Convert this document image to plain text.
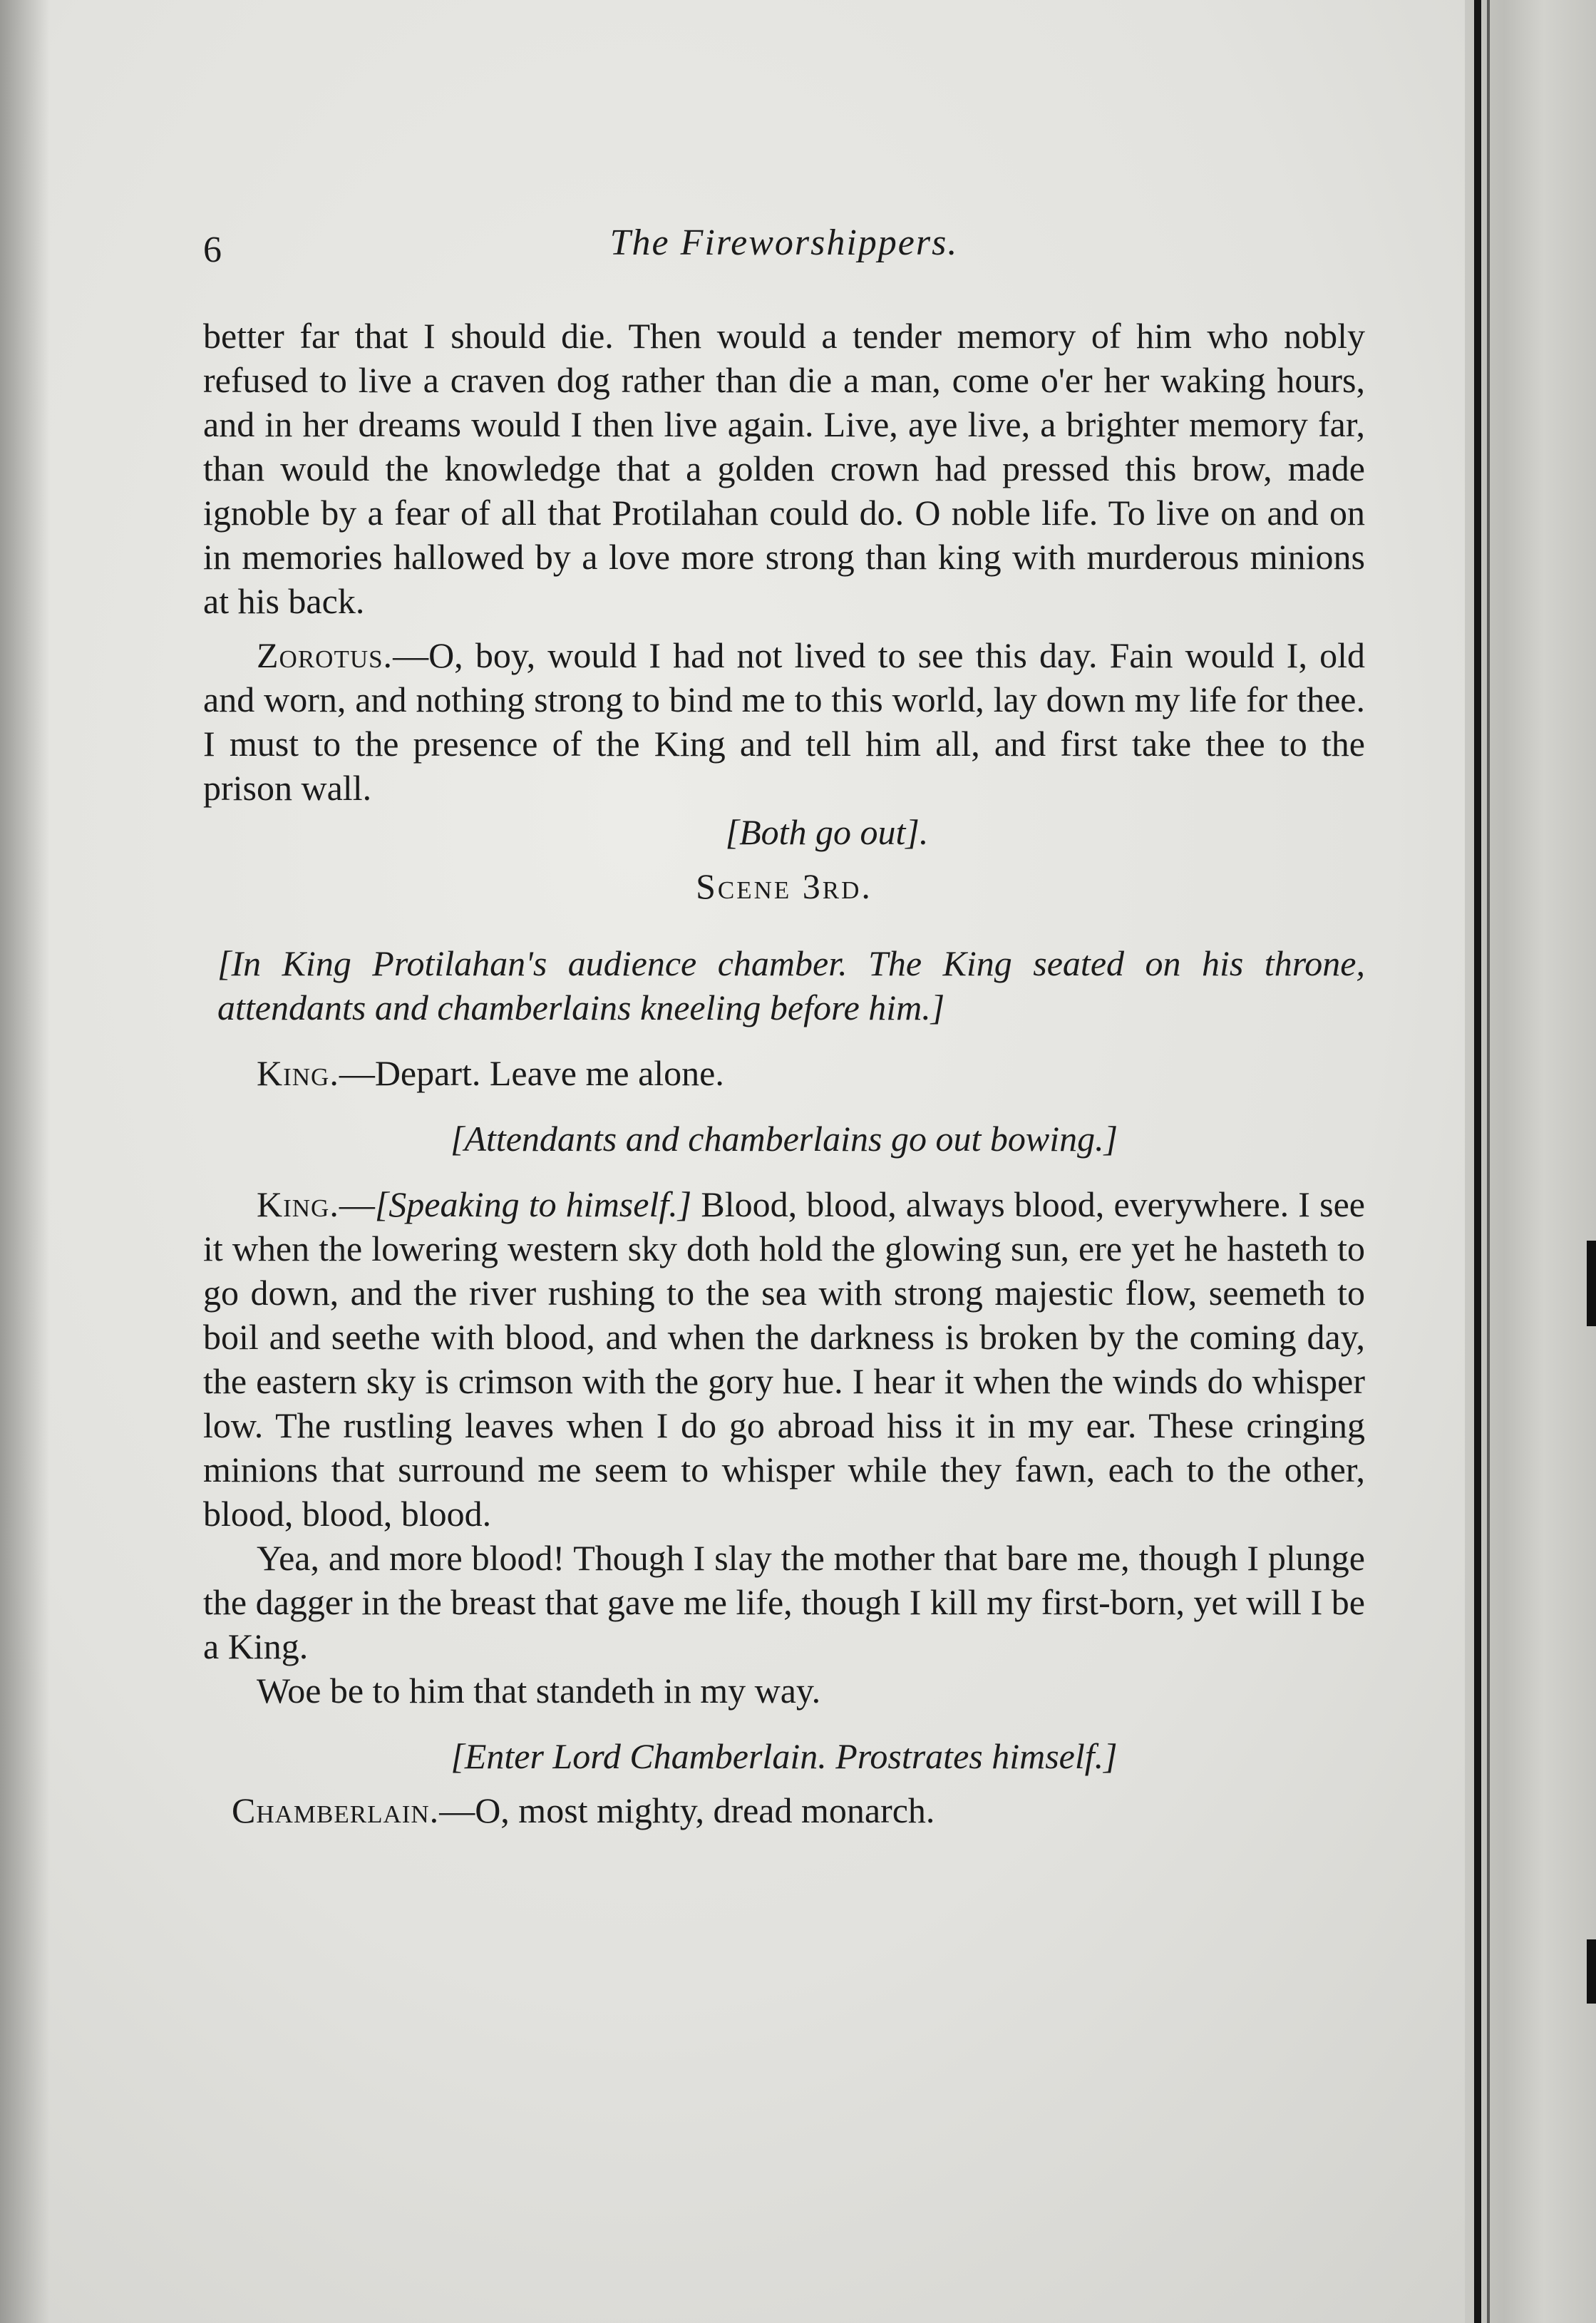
6	The Fireworshippers.

better far that I should die. Then would a tender memory of him who nobly refused to live a craven dog rather than die a man, come o'er her waking hours, and in her dreams would I then live again. Live, aye live, a brighter memory far, than would the knowledge that a golden crown had pressed this brow, made ignoble by a fear of all that Protilahan could do. O noble life. To live on and on in memories hallowed by a love more strong than king with murderous minions at his back.

Zorotus.—O, boy, would I had not lived to see this day. Fain would I, old and worn, and nothing strong to bind me to this world, lay down my life for thee. I must to the presence of the King and tell him all, and first take thee to the prison wall.

[Both go out].

Scene 3rd.

[In King Protilahan's audience chamber. The King seated on his throne, attendants and chamberlains kneeling before him.]

King.—Depart. Leave me alone.

[Attendants and chamberlains go out bowing.]

King.—[Speaking to himself.] Blood, blood, always blood, everywhere. I see it when the lowering western sky doth hold the glowing sun, ere yet he hasteth to go down, and the river rushing to the sea with strong majestic flow, seemeth to boil and seethe with blood, and when the darkness is broken by the coming day, the eastern sky is crimson with the gory hue. I hear it when the winds do whisper low. The rustling leaves when I do go abroad hiss it in my ear. These cringing minions that surround me seem to whisper while they fawn, each to the other, blood, blood, blood.

Yea, and more blood! Though I slay the mother that bare me, though I plunge the dagger in the breast that gave me life, though I kill my first-born, yet will I be a King.

Woe be to him that standeth in my way.

[Enter Lord Chamberlain. Prostrates himself.]

Chamberlain.—O, most mighty, dread monarch.
